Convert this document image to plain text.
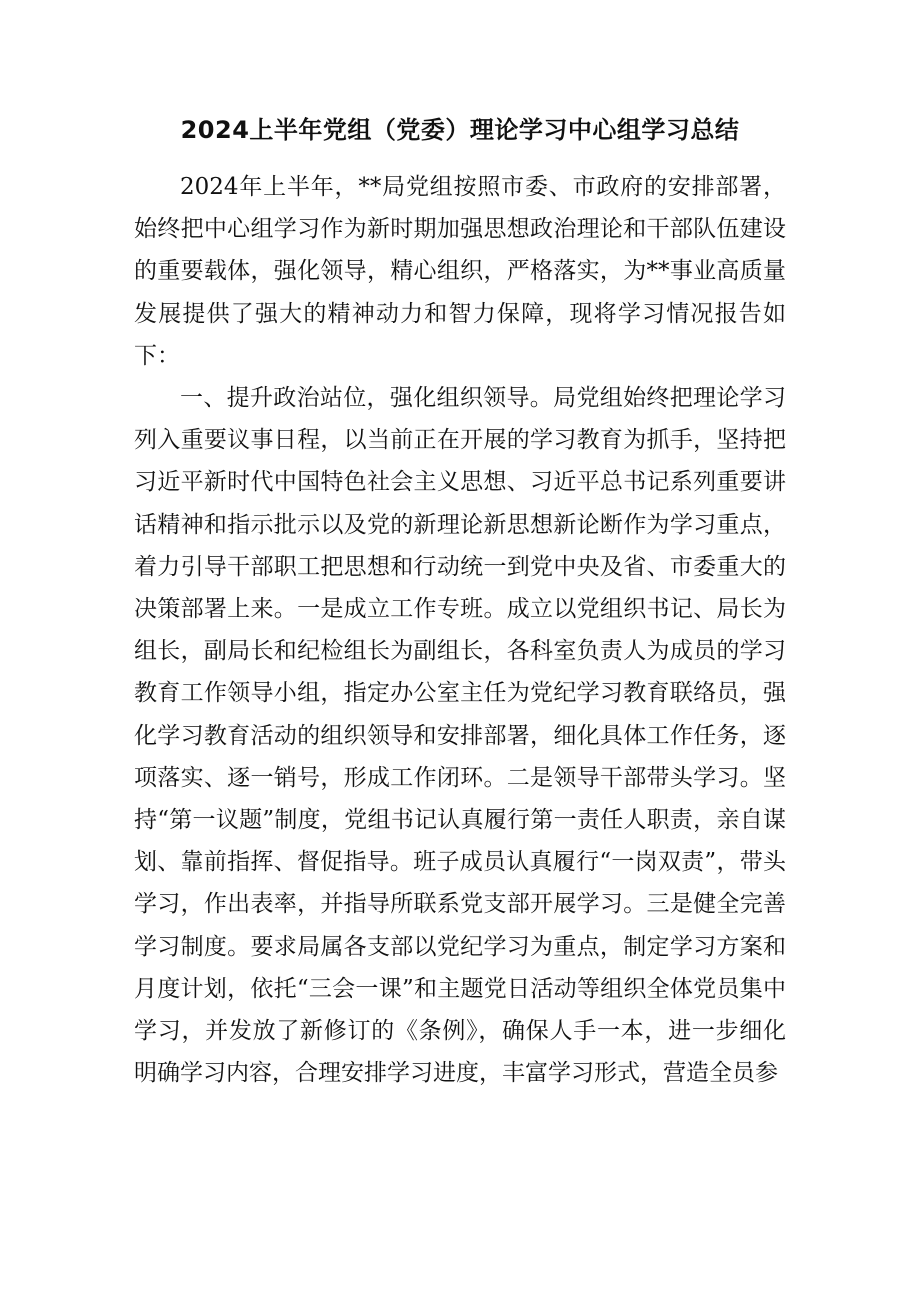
2024上半年党组（党委）理论学习中心组学习总结

2024年上半年，**局党组按照市委、市政府的安排部署，始终把中心组学习作为新时期加强思想政治理论和干部队伍建设的重要载体，强化领导，精心组织，严格落实，为**事业高质量发展提供了强大的精神动力和智力保障，现将学习情况报告如下：

一、提升政治站位，强化组织领导。局党组始终把理论学习列入重要议事日程，以当前正在开展的学习教育为抓手，坚持把习近平新时代中国特色社会主义思想、习近平总书记系列重要讲话精神和指示批示以及党的新理论新思想新论断作为学习重点，着力引导干部职工把思想和行动统一到党中央及省、市委重大的决策部署上来。一是成立工作专班。成立以党组织书记、局长为组长，副局长和纪检组长为副组长，各科室负责人为成员的学习教育工作领导小组，指定办公室主任为党纪学习教育联络员，强化学习教育活动的组织领导和安排部署，细化具体工作任务，逐项落实、逐一销号，形成工作闭环。二是领导干部带头学习。坚持“第一议题”制度，党组书记认真履行第一责任人职责，亲自谋划、靠前指挥、督促指导。班子成员认真履行“一岗双责”，带头学习，作出表率，并指导所联系党支部开展学习。三是健全完善学习制度。要求局属各支部以党纪学习为重点，制定学习方案和月度计划，依托“三会一课”和主题党日活动等组织全体党员集中学习，并发放了新修订的《条例》，确保人手一本，进一步细化明确学习内容，合理安排学习进度，丰富学习形式，营造全员参
